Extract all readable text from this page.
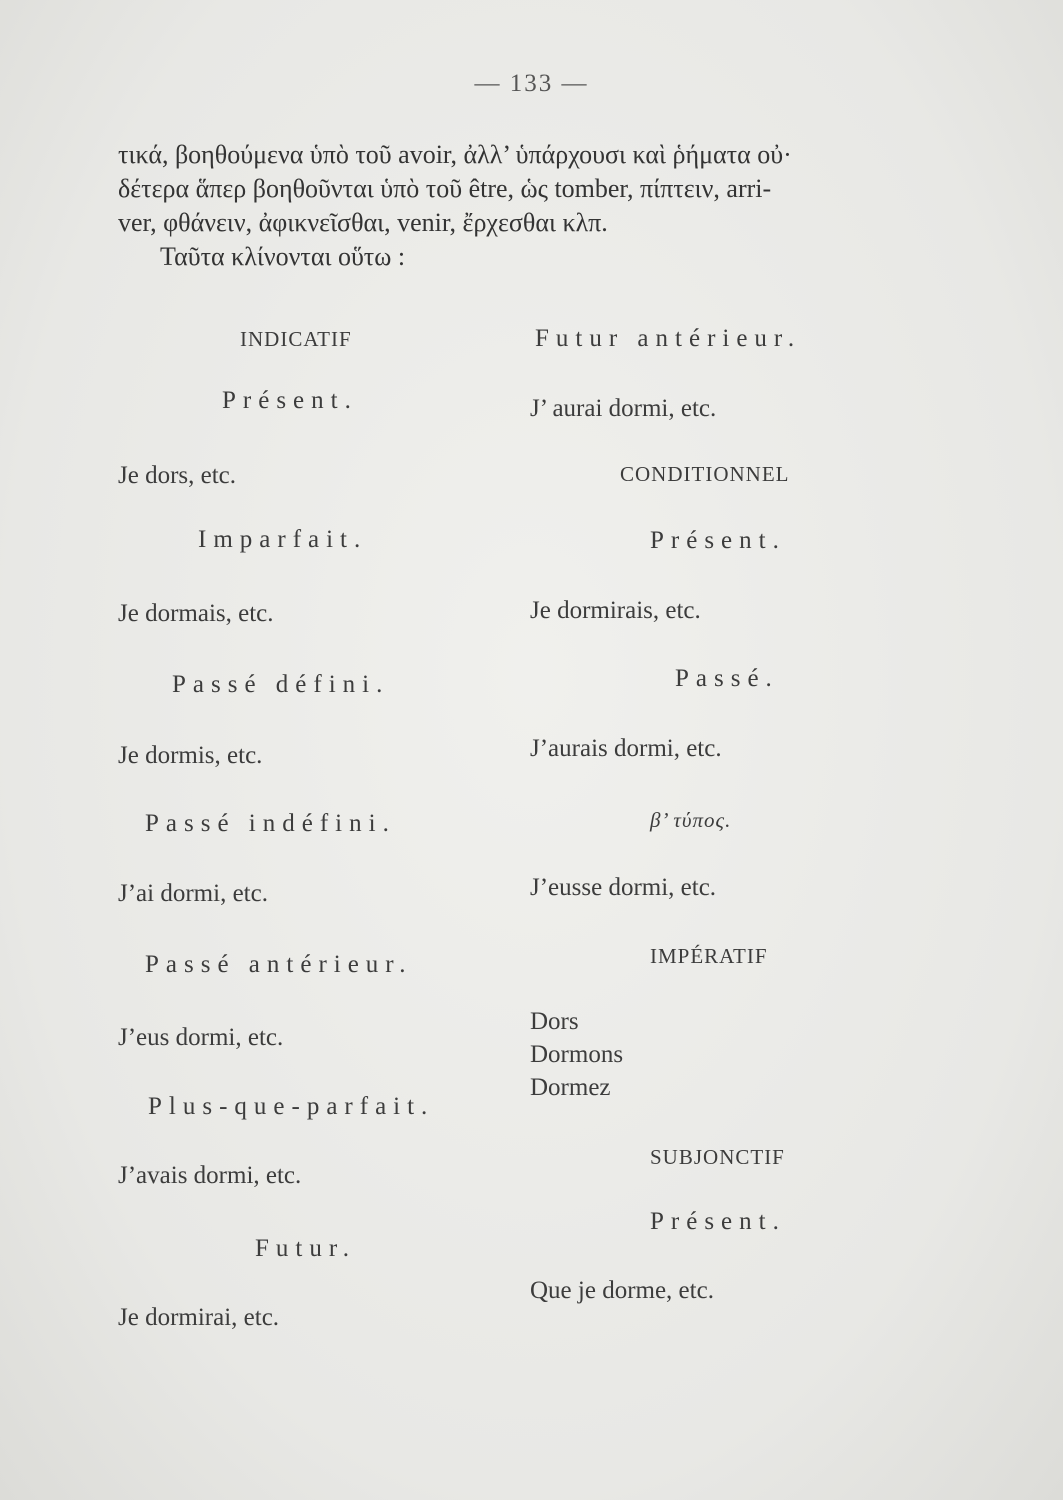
— 133 —
τικά, βοηθούμενα ὑπὸ τοῦ avoir, ἀλλ’ ὑπάρχουσι καὶ ῥήματα οὐ·
δέτερα ἅπερ βοηθοῦνται ὑπὸ τοῦ être, ὡς tomber, πίπτειν, arri-
ver, φθάνειν, ἀφικνεῖσθαι, venir, ἔρχεσθαι κλπ.
Ταῦτα κλίνονται οὕτω :
INDICATIF
Présent.
Je dors, etc.
Imparfait.
Je dormais, etc.
Passé défini.
Je dormis, etc.
Passé indéfini.
J’ai dormi, etc.
Passé antérieur.
J’eus dormi, etc.
Plus-que-parfait.
J’avais dormi, etc.
Futur.
Je dormirai, etc.
Futur antérieur.
J’ aurai dormi, etc.
CONDITIONNEL
Présent.
Je dormirais, etc.
Passé.
J’aurais dormi, etc.
β’ τύπος.
J’eusse dormi, etc.
IMPÉRATIF
Dors
Dormons
Dormez
SUBJONCTIF
Présent.
Que je dorme, etc.
